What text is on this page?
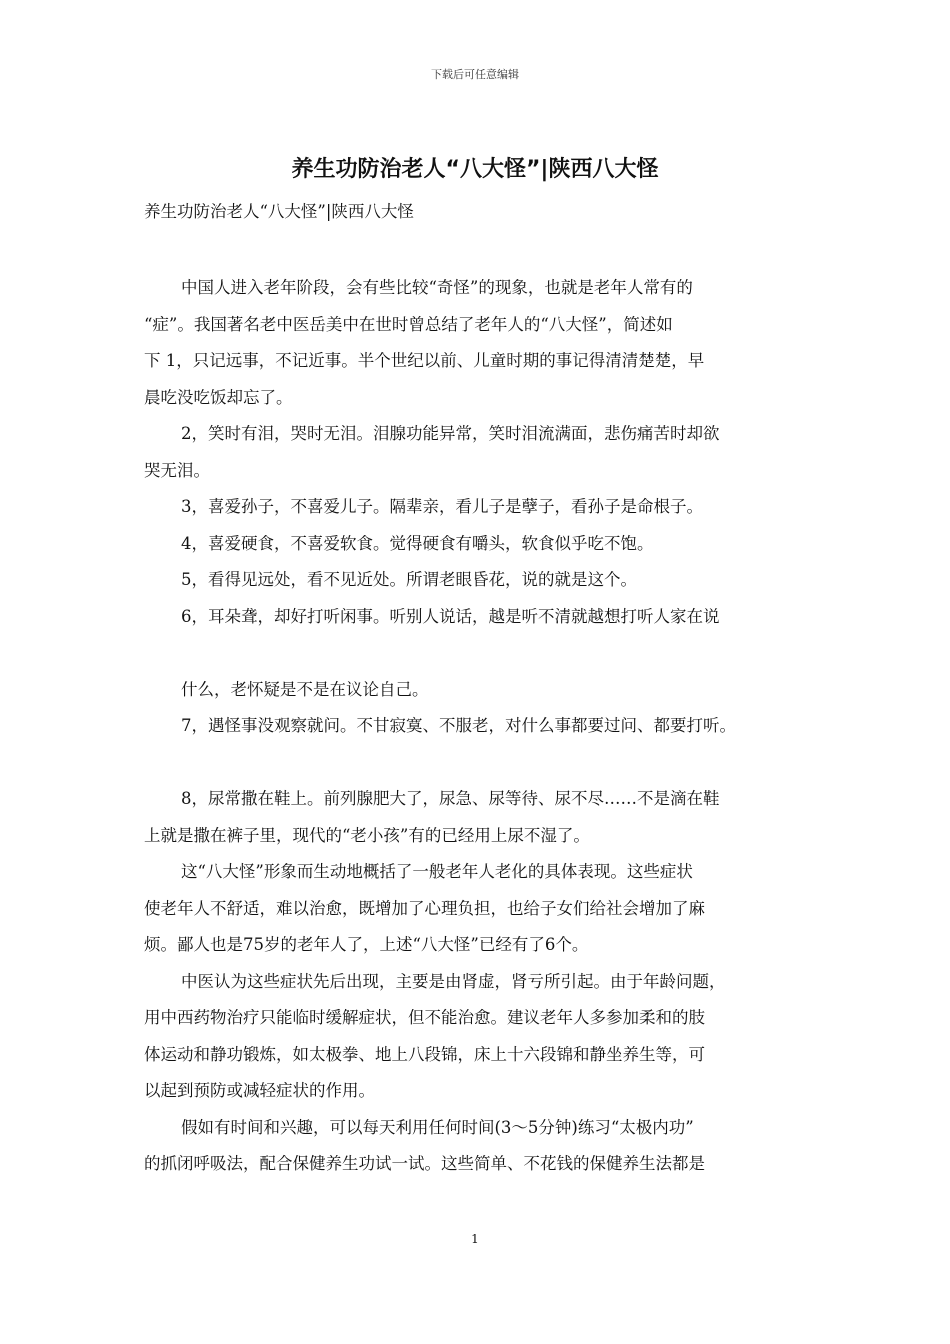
下载后可任意编辑
养生功防治老人“八大怪”|陕西八大怪
养生功防治老人“八大怪”|陕西八大怪
中国人进入老年阶段，会有些比较“奇怪”的现象，也就是老年人常有的
“症”。我国著名老中医岳美中在世时曾总结了老年人的“八大怪”，简述如
下 1，只记远事，不记近事。半个世纪以前、儿童时期的事记得清清楚楚，早
晨吃没吃饭却忘了。
2，笑时有泪，哭时无泪。泪腺功能异常，笑时泪流满面，悲伤痛苦时却欲
哭无泪。
3，喜爱孙子，不喜爱儿子。隔辈亲，看儿子是孽子，看孙子是命根子。
4，喜爱硬食，不喜爱软食。觉得硬食有嚼头，软食似乎吃不饱。
5，看得见远处，看不见近处。所谓老眼昏花，说的就是这个。
6，耳朵聋，却好打听闲事。听别人说话，越是听不清就越想打听人家在说
什么，老怀疑是不是在议论自己。
7，遇怪事没观察就问。不甘寂寞、不服老，对什么事都要过问、都要打听。
8，尿常撒在鞋上。前列腺肥大了，尿急、尿等待、尿不尽……不是滴在鞋
上就是撒在裤子里，现代的“老小孩”有的已经用上尿不湿了。
这“八大怪”形象而生动地概括了一般老年人老化的具体表现。这些症状
使老年人不舒适，难以治愈，既增加了心理负担，也给子女们给社会增加了麻
烦。鄙人也是75岁的老年人了，上述“八大怪”已经有了6个。
中医认为这些症状先后出现，主要是由肾虚，肾亏所引起。由于年龄问题，
用中西药物治疗只能临时缓解症状，但不能治愈。建议老年人多参加柔和的肢
体运动和静功锻炼，如太极拳、地上八段锦，床上十六段锦和静坐养生等，可
以起到预防或减轻症状的作用。
假如有时间和兴趣，可以每天利用任何时间(3～5分钟)练习“太极内功”
的抓闭呼吸法，配合保健养生功试一试。这些简单、不花钱的保健养生法都是
1
